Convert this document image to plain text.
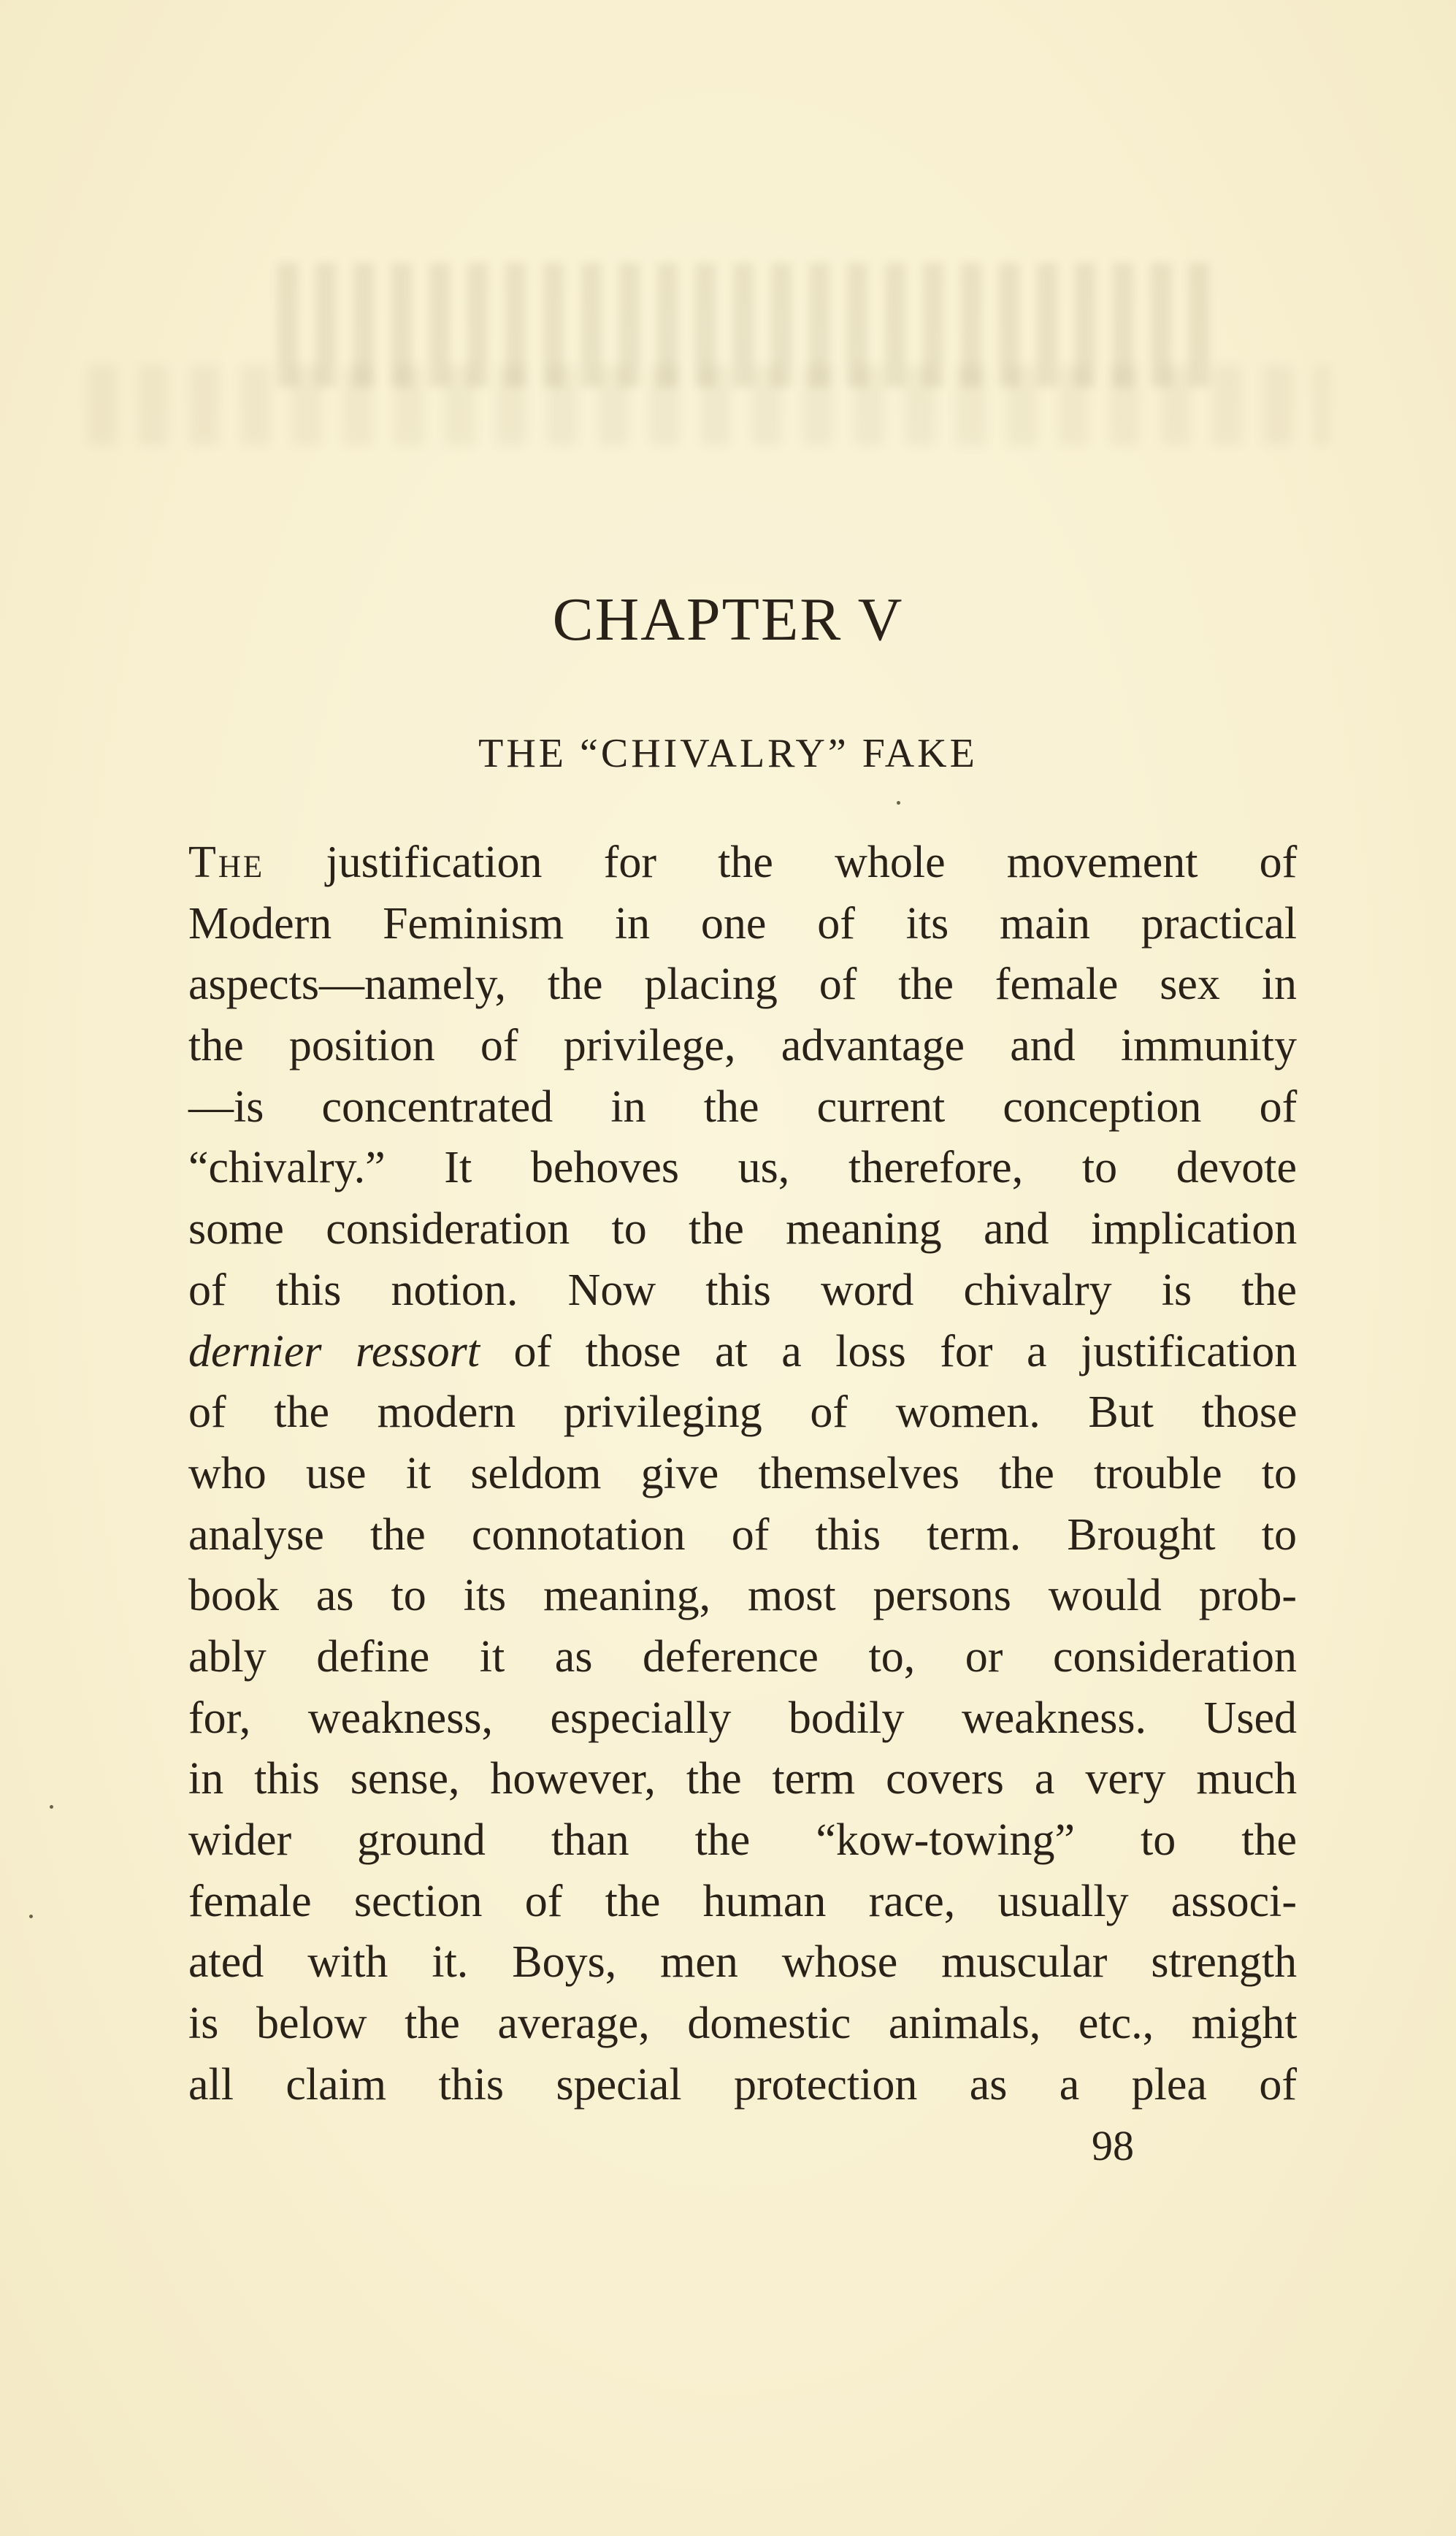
CHAPTER V
THE “CHIVALRY” FAKE
The justification for the whole movement of
Modern Feminism in one of its main practical
aspects—namely, the placing of the female sex in
the position of privilege, advantage and immunity
—is concentrated in the current conception of
“chivalry.” It behoves us, therefore, to devote
some consideration to the meaning and implication
of this notion. Now this word chivalry is the
dernier ressort of those at a loss for a justification
of the modern privileging of women. But those
who use it seldom give themselves the trouble to
analyse the connotation of this term. Brought to
book as to its meaning, most persons would prob-
ably define it as deference to, or consideration
for, weakness, especially bodily weakness. Used
in this sense, however, the term covers a very much
wider ground than the “kow-towing” to the
female section of the human race, usually associ-
ated with it. Boys, men whose muscular strength
is below the average, domestic animals, etc., might
all claim this special protection as a plea of
98
